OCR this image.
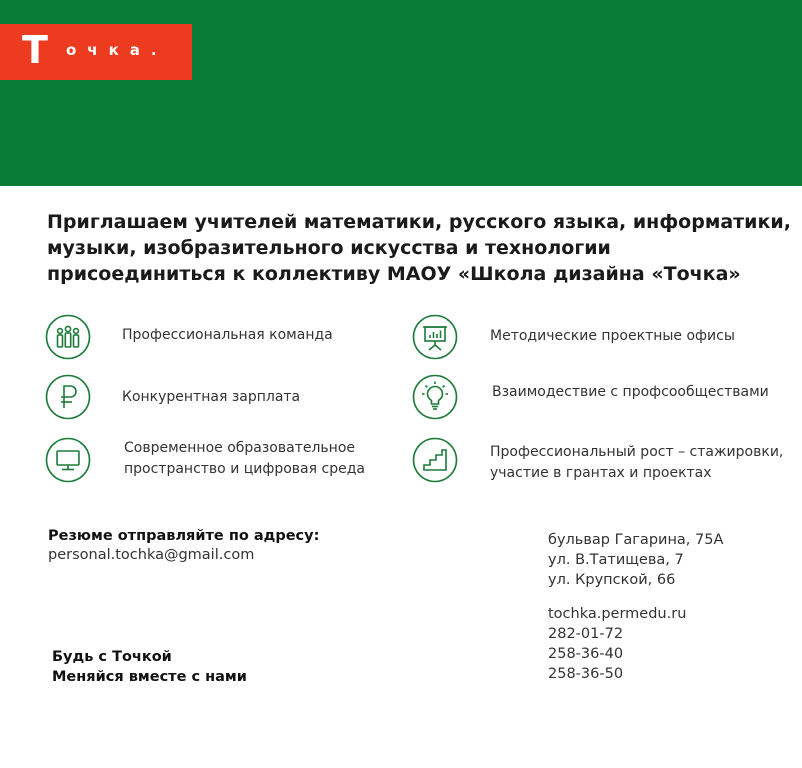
Т очка.
Приглашаем учителей математики, русского языка, информатики,
музыки, изобразительного искусства и технологии
присоединиться к коллективу МАОУ «Школа дизайна «Точка»
Профессиональная команда
Конкурентная зарплата
Современное образовательное
пространство и цифровая среда
Методические проектные офисы
Взаимодествие с профсообществами
Профессиональный рост – стажировки,
участие в грантах и проектах
Резюме отправляйте по адресу:
personal.tochka@gmail.com
Будь с Точкой
Меняйся вместе с нами
бульвар Гагарина, 75А
ул. В.Татищева, 7
ул. Крупской, 66
tochka.permedu.ru
282-01-72
258-36-40
258-36-50
